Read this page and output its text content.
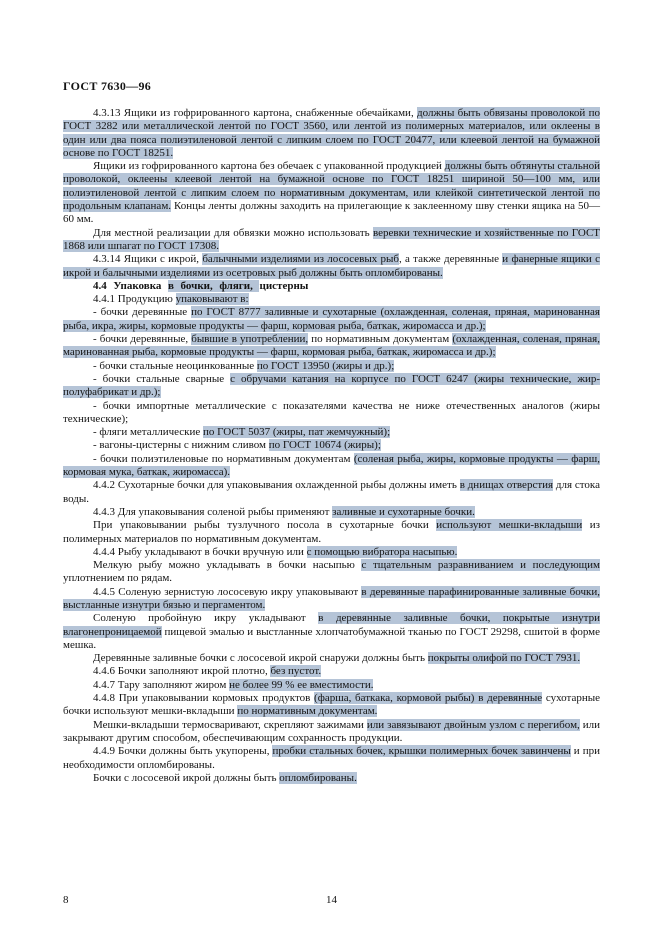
ГОСТ 7630—96

4.3.13 Ящики из гофрированного картона, снабженные обечайками, должны быть обвязаны проволокой по ГОСТ 3282 или металлической лентой по ГОСТ 3560, или лентой из полимерных материалов, или оклеены в один или два пояса полиэтиленовой лентой с липким слоем по ГОСТ 20477, или клеевой лентой на бумажной основе по ГОСТ 18251.

Ящики из гофрированного картона без обечаек с упакованной продукцией должны быть обтянуты стальной проволокой, оклеены клеевой лентой на бумажной основе по ГОСТ 18251 шириной 50—100 мм, или полиэтиленовой лентой с липким слоем по нормативным документам, или клейкой синтетической лентой по продольным клапанам. Концы ленты должны заходить на прилегающие к заклеенному шву стенки ящика на 50—60 мм.

Для местной реализации для обвязки можно использовать веревки технические и хозяйственные по ГОСТ 1868 или шпагат по ГОСТ 17308.

4.3.14 Ящики с икрой, балычными изделиями из лососевых рыб, а также деревянные и фанерные ящики с икрой и балычными изделиями из осетровых рыб должны быть опломбированы.

4.4 Упаковка в бочки, фляги, цистерны

4.4.1 Продукцию упаковывают в:

- бочки деревянные по ГОСТ 8777 заливные и сухотарные (охлажденная, соленая, пряная, маринованная рыба, икра, жиры, кормовые продукты — фарш, кормовая рыба, баткак, жиромасса и др.);

- бочки деревянные, бывшие в употреблении, по нормативным документам (охлажденная, соленая, пряная, маринованная рыба, кормовые продукты — фарш, кормовая рыба, баткак, жиромасса и др.);

- бочки стальные неоцинкованные по ГОСТ 13950 (жиры и др.);

- бочки стальные сварные с обручами катания на корпусе по ГОСТ 6247 (жиры технические, жир-полуфабрикат и др.);

- бочки импортные металлические с показателями качества не ниже отечественных аналогов (жиры технические);

- фляги металлические по ГОСТ 5037 (жиры, пат жемчужный);

- вагоны-цистерны с нижним сливом по ГОСТ 10674 (жиры);

- бочки полиэтиленовые по нормативным документам (соленая рыба, жиры, кормовые продукты — фарш, кормовая мука, баткак, жиромасса).

4.4.2 Сухотарные бочки для упаковывания охлажденной рыбы должны иметь в днищах отверстия для стока воды.

4.4.3 Для упаковывания соленой рыбы применяют заливные и сухотарные бочки.

При упаковывании рыбы тузлучного посола в сухотарные бочки используют мешки-вкладыши из полимерных материалов по нормативным документам.

4.4.4 Рыбу укладывают в бочки вручную или с помощью вибратора насыпью.

Мелкую рыбу можно укладывать в бочки насыпью с тщательным разравниванием и последующим уплотнением по рядам.

4.4.5 Соленую зернистую лососевую икру упаковывают в деревянные парафинированные заливные бочки, выстланные изнутри бязью и пергаментом.

Соленую пробойную икру укладывают в деревянные заливные бочки, покрытые изнутри влагонепроницаемой пищевой эмалью и выстланные хлопчатобумажной тканью по ГОСТ 29298, сшитой в форме мешка.

Деревянные заливные бочки с лососевой икрой снаружи должны быть покрыты олифой по ГОСТ 7931.

4.4.6 Бочки заполняют икрой плотно, без пустот.

4.4.7 Тару заполняют жиром не более 99 % ее вместимости.

4.4.8 При упаковывании кормовых продуктов (фарша, баткака, кормовой рыбы) в деревянные сухотарные бочки используют мешки-вкладыши по нормативным документам.

Мешки-вкладыши термосваривают, скрепляют зажимами или завязывают двойным узлом с перегибом, или закрывают другим способом, обеспечивающим сохранность продукции.

4.4.9 Бочки должны быть укупорены, пробки стальных бочек, крышки полимерных бочек завинчены и при необходимости опломбированы.

Бочки с лососевой икрой должны быть опломбированы.

8	14
